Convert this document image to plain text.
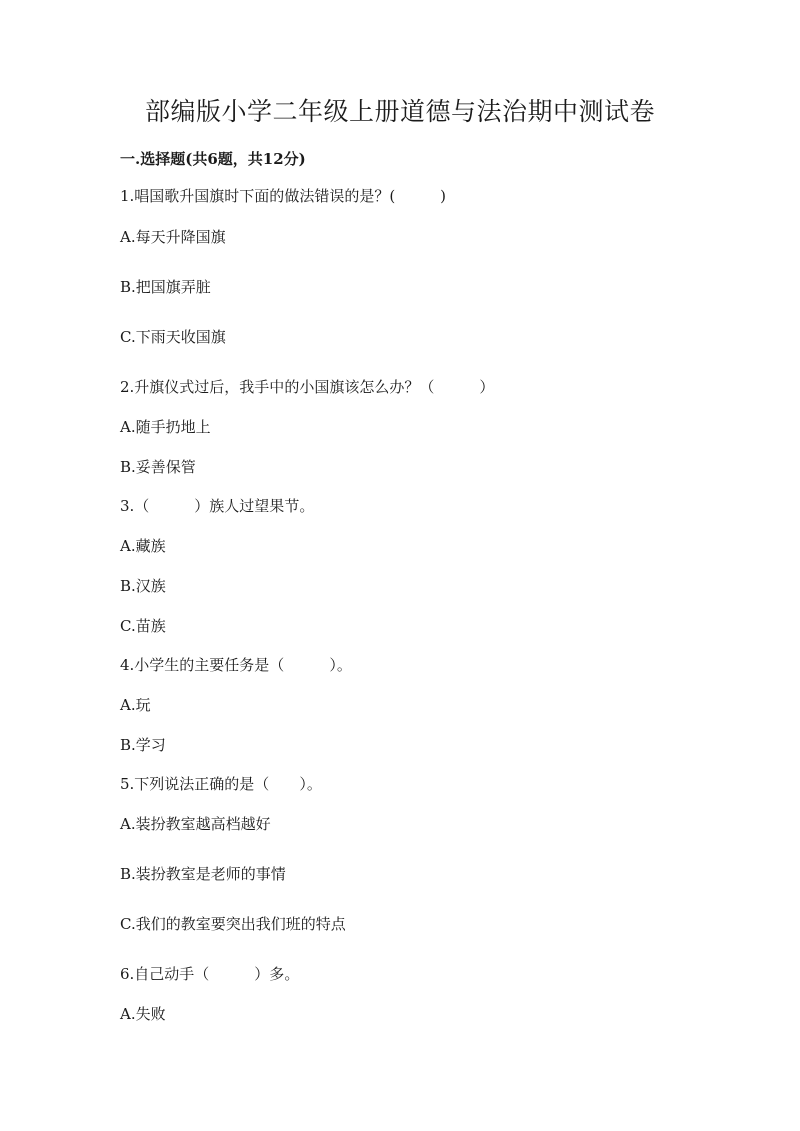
部编版小学二年级上册道德与法治期中测试卷
一.选择题(共6题，共12分)
1.唱国歌升国旗时下面的做法错误的是？(　　　)
A.每天升降国旗
B.把国旗弄脏
C.下雨天收国旗
2.升旗仪式过后，我手中的小国旗该怎么办？（　　　）
A.随手扔地上
B.妥善保管
3.（　　　）族人过望果节。
A.藏族
B.汉族
C.苗族
4.小学生的主要任务是（　　　）。
A.玩
B.学习
5.下列说法正确的是（　　）。
A.装扮教室越高档越好
B.装扮教室是老师的事情
C.我们的教室要突出我们班的特点
6.自己动手（　　　）多。
A.失败
